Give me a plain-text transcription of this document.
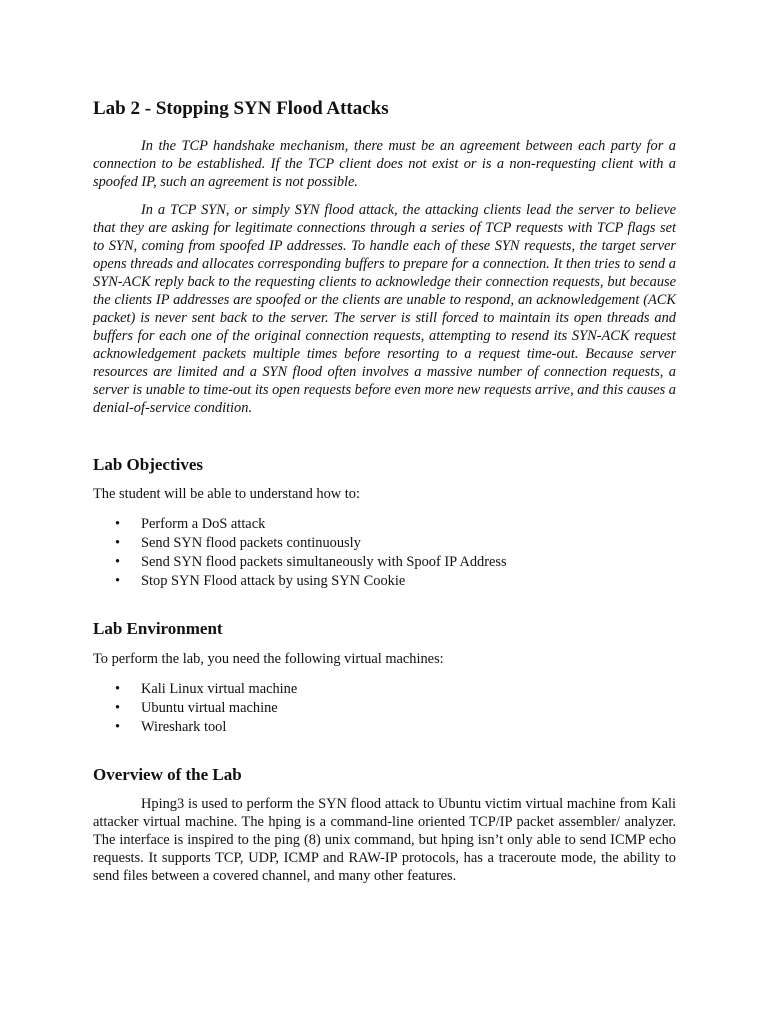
Lab 2 - Stopping SYN Flood Attacks

In the TCP handshake mechanism, there must be an agreement between each party for a connection to be established. If the TCP client does not exist or is a non-requesting client with a spoofed IP, such an agreement is not possible.

In a TCP SYN, or simply SYN flood attack, the attacking clients lead the server to believe that they are asking for legitimate connections through a series of TCP requests with TCP flags set to SYN, coming from spoofed IP addresses. To handle each of these SYN requests, the target server opens threads and allocates corresponding buffers to prepare for a connection. It then tries to send a SYN-ACK reply back to the requesting clients to acknowledge their connection requests, but because the clients IP addresses are spoofed or the clients are unable to respond, an acknowledgement (ACK packet) is never sent back to the server. The server is still forced to maintain its open threads and buffers for each one of the original connection requests, attempting to resend its SYN-ACK request acknowledgement packets multiple times before resorting to a request time-out. Because server resources are limited and a SYN flood often involves a massive number of connection requests, a server is unable to time-out its open requests before even more new requests arrive, and this causes a denial-of-service condition.

Lab Objectives

The student will be able to understand how to:

• Perform a DoS attack
• Send SYN flood packets continuously
• Send SYN flood packets simultaneously with Spoof IP Address
• Stop SYN Flood attack by using SYN Cookie
Lab Environment

To perform the lab, you need the following virtual machines:

• Kali Linux virtual machine
• Ubuntu virtual machine
• Wireshark tool
Overview of the Lab

Hping3 is used to perform the SYN flood attack to Ubuntu victim virtual machine from Kali attacker virtual machine. The hping is a command-line oriented TCP/IP packet assembler/ analyzer. The interface is inspired to the ping (8) unix command, but hping isn’t only able to send ICMP echo requests. It supports TCP, UDP, ICMP and RAW-IP protocols, has a traceroute mode, the ability to send files between a covered channel, and many other features.
